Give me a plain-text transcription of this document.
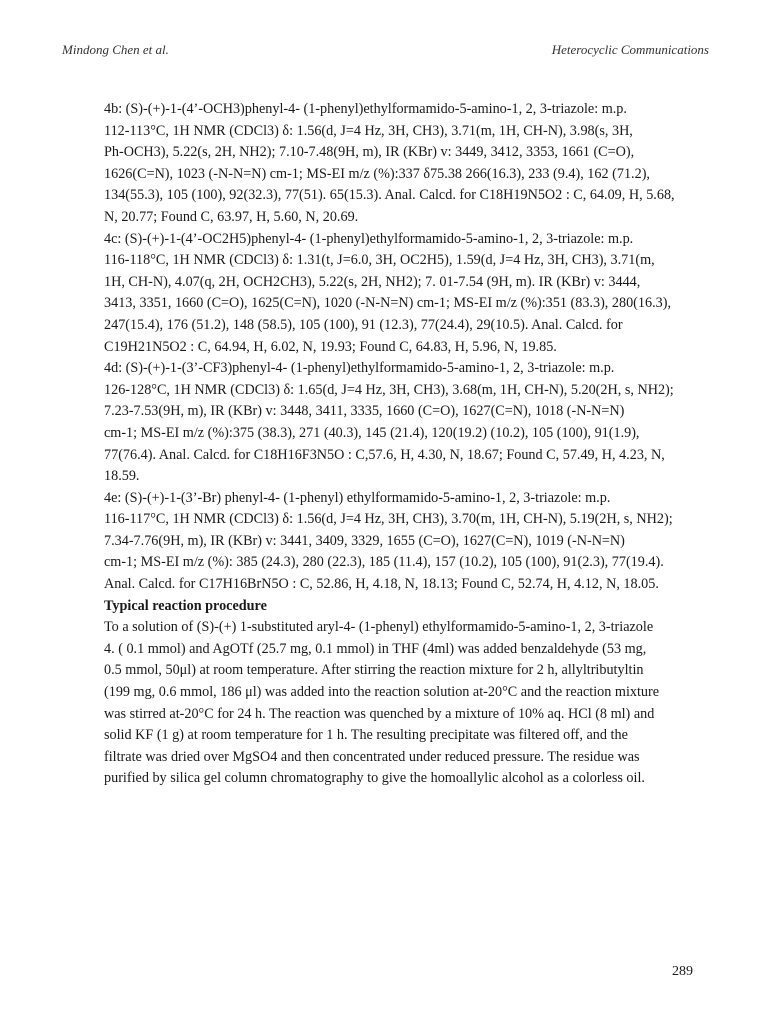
Mindong Chen et al.	Heterocyclic Communications

4b: (S)-(+)-1-(4’-OCH3)phenyl-4- (1-phenyl)ethylformamido-5-amino-1, 2, 3-triazole: m.p.

112-113°C, 1H NMR (CDCl3) δ: 1.56(d, J=4 Hz, 3H, CH3), 3.71(m, 1H, CH-N), 3.98(s, 3H,

Ph-OCH3), 5.22(s, 2H, NH2); 7.10-7.48(9H, m), IR (KBr) v: 3449, 3412, 3353, 1661 (C=O),

1626(C=N), 1023 (-N-N=N) cm-1; MS-EI m/z (%):337 δ75.38 266(16.3), 233 (9.4), 162 (71.2),

134(55.3), 105 (100), 92(32.3), 77(51). 65(15.3). Anal. Calcd. for C18H19N5O2 : C, 64.09, H, 5.68,

N, 20.77; Found C, 63.97, H, 5.60, N, 20.69.

4c: (S)-(+)-1-(4’-OC2H5)phenyl-4- (1-phenyl)ethylformamido-5-amino-1, 2, 3-triazole: m.p.

116-118°C, 1H NMR (CDCl3) δ: 1.31(t, J=6.0, 3H, OC2H5), 1.59(d, J=4 Hz, 3H, CH3), 3.71(m,

1H, CH-N), 4.07(q, 2H, OCH2CH3), 5.22(s, 2H, NH2); 7. 01-7.54 (9H, m). IR (KBr) v: 3444,

3413, 3351, 1660 (C=O), 1625(C=N), 1020 (-N-N=N) cm-1; MS-EI m/z (%):351 (83.3), 280(16.3),

247(15.4), 176 (51.2), 148 (58.5), 105 (100), 91 (12.3), 77(24.4), 29(10.5). Anal. Calcd. for

C19H21N5O2 : C, 64.94, H, 6.02, N, 19.93; Found C, 64.83, H, 5.96, N, 19.85.

4d: (S)-(+)-1-(3’-CF3)phenyl-4- (1-phenyl)ethylformamido-5-amino-1, 2, 3-triazole: m.p.

126-128°C, 1H NMR (CDCl3) δ: 1.65(d, J=4 Hz, 3H, CH3), 3.68(m, 1H, CH-N), 5.20(2H, s, NH2);

7.23-7.53(9H, m), IR (KBr) v: 3448, 3411, 3335, 1660 (C=O), 1627(C=N), 1018 (-N-N=N)

cm-1; MS-EI m/z (%):375 (38.3), 271 (40.3), 145 (21.4), 120(19.2) (10.2), 105 (100), 91(1.9),

77(76.4). Anal. Calcd. for C18H16F3N5O : C,57.6, H, 4.30, N, 18.67; Found C, 57.49, H, 4.23, N,

18.59.

4e: (S)-(+)-1-(3’-Br) phenyl-4- (1-phenyl) ethylformamido-5-amino-1, 2, 3-triazole: m.p.

116-117°C, 1H NMR (CDCl3) δ: 1.56(d, J=4 Hz, 3H, CH3), 3.70(m, 1H, CH-N), 5.19(2H, s, NH2);

7.34-7.76(9H, m), IR (KBr) v: 3441, 3409, 3329, 1655 (C=O), 1627(C=N), 1019 (-N-N=N)

cm-1; MS-EI m/z (%): 385 (24.3), 280 (22.3), 185 (11.4), 157 (10.2), 105 (100), 91(2.3), 77(19.4).

Anal. Calcd. for C17H16BrN5O : C, 52.86, H, 4.18, N, 18.13; Found C, 52.74, H, 4.12, N, 18.05.

Typical reaction procedure

To a solution of (S)-(+) 1-substituted aryl-4- (1-phenyl) ethylformamido-5-amino-1, 2, 3-triazole

4. ( 0.1 mmol) and AgOTf (25.7 mg, 0.1 mmol) in THF (4ml) was added benzaldehyde (53 mg,

0.5 mmol, 50μl) at room temperature. After stirring the reaction mixture for 2 h, allyltributyltin

(199 mg, 0.6 mmol, 186 μl) was added into the reaction solution at-20°C and the reaction mixture

was stirred at-20°C for 24 h. The reaction was quenched by a mixture of 10% aq. HCl (8 ml) and

solid KF (1 g) at room temperature for 1 h. The resulting precipitate was filtered off, and the

filtrate was dried over MgSO4 and then concentrated under reduced pressure. The residue was

purified by silica gel column chromatography to give the homoallylic alcohol as a colorless oil.

289
